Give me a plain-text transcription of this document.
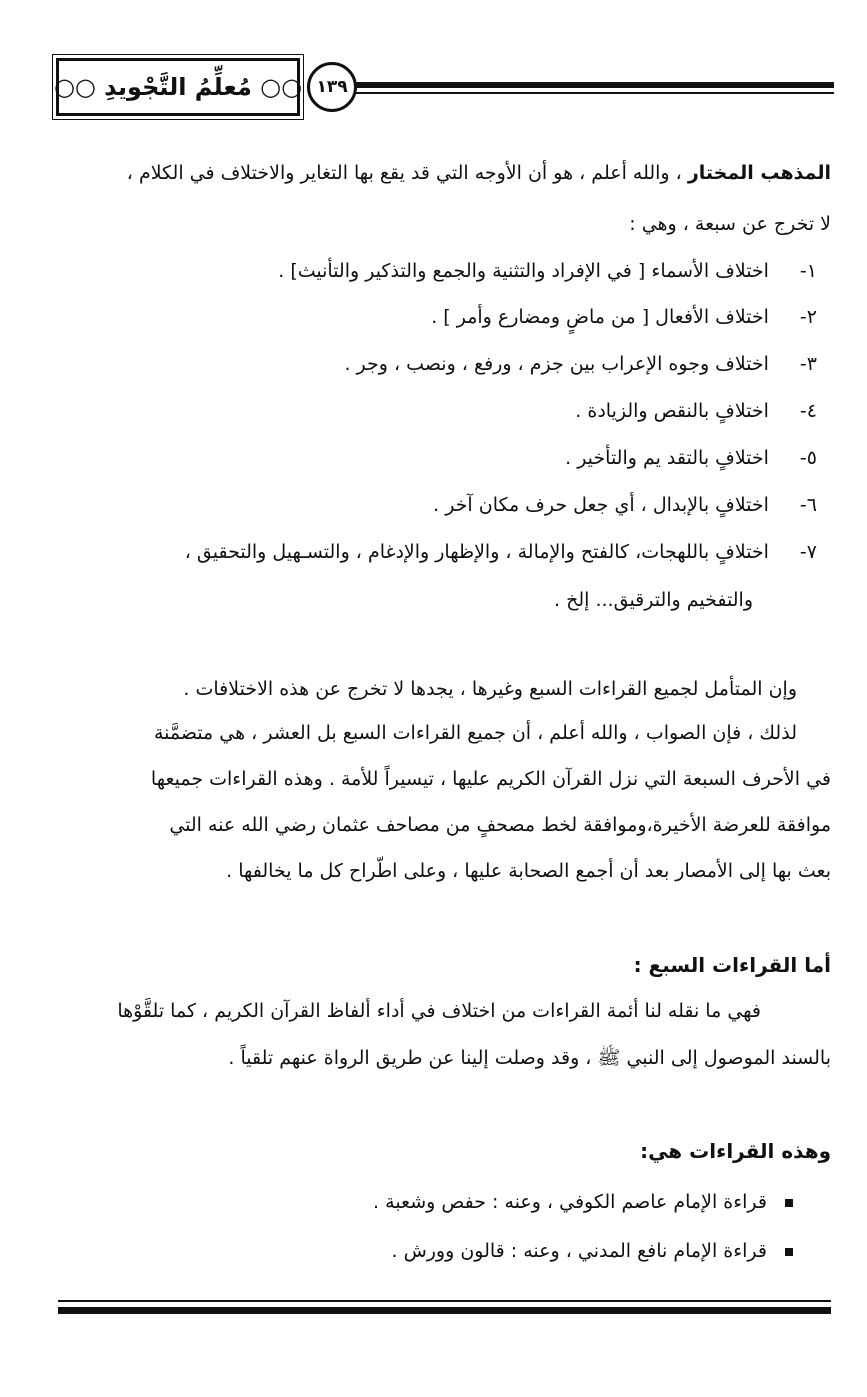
١٣٩
○○ مُعلِّمُ التَّجْويدِ ○○
المذهب المختار ، والله أعلم ، هو أن الأوجه التي قد يقع بها التغاير والاختلاف في الكلام ،
لا تخرج عن سبعة ، وهي :
١- اختلاف الأسماء [ في الإفراد والتثنية والجمع والتذكير والتأنيث] .
٢- اختلاف الأفعال [ من ماضٍ ومضارع وأمر ] .
٣- اختلاف وجوه الإعراب بين جزم ، ورفع ، ونصب ، وجر .
٤- اختلافٍ بالنقص والزيادة .
٥- اختلافٍ بالتقد يم والتأخير .
٦- اختلافٍ بالإبدال ، أي جعل حرف مكان آخر .
٧- اختلافٍ باللهجات، كالفتح والإمالة ، والإظهار والإدغام ، والتسـهيل والتحقيق ،
والتفخيم والترقيق... إلخ .
وإن المتأمل لجميع القراءات السبع وغيرها ، يجدها لا تخرج عن هذه الاختلافات .
لذلك ، فإن الصواب ، والله أعلم ، أن جميع القراءات السبع بل العشر ، هي متضمَّنة
في الأحرف السبعة التي نزل القرآن الكريم عليها ، تيسيراً للأمة . وهذه القراءات جميعها
موافقة للعرضة الأخيرة،وموافقة لخط مصحفٍ من مصاحف عثمان رضي الله عنه التي
بعث بها إلى الأمصار بعد أن أجمع الصحابة عليها ، وعلى اطّراح كل ما يخالفها .
أما القراءات السبع :
فهي ما نقله لنا أئمة القراءات من اختلاف في أداء ألفاظ القرآن الكريم ، كما تلقَّوْها
بالسند الموصول إلى النبي ﷺ ، وقد وصلت إلينا عن طريق الرواة عنهم تلقياً .
وهذه القراءات هي:
قراءة الإمام عاصم الكوفي ، وعنه : حفص وشعبة .
قراءة الإمام نافع المدني ، وعنه : قالون وورش .
